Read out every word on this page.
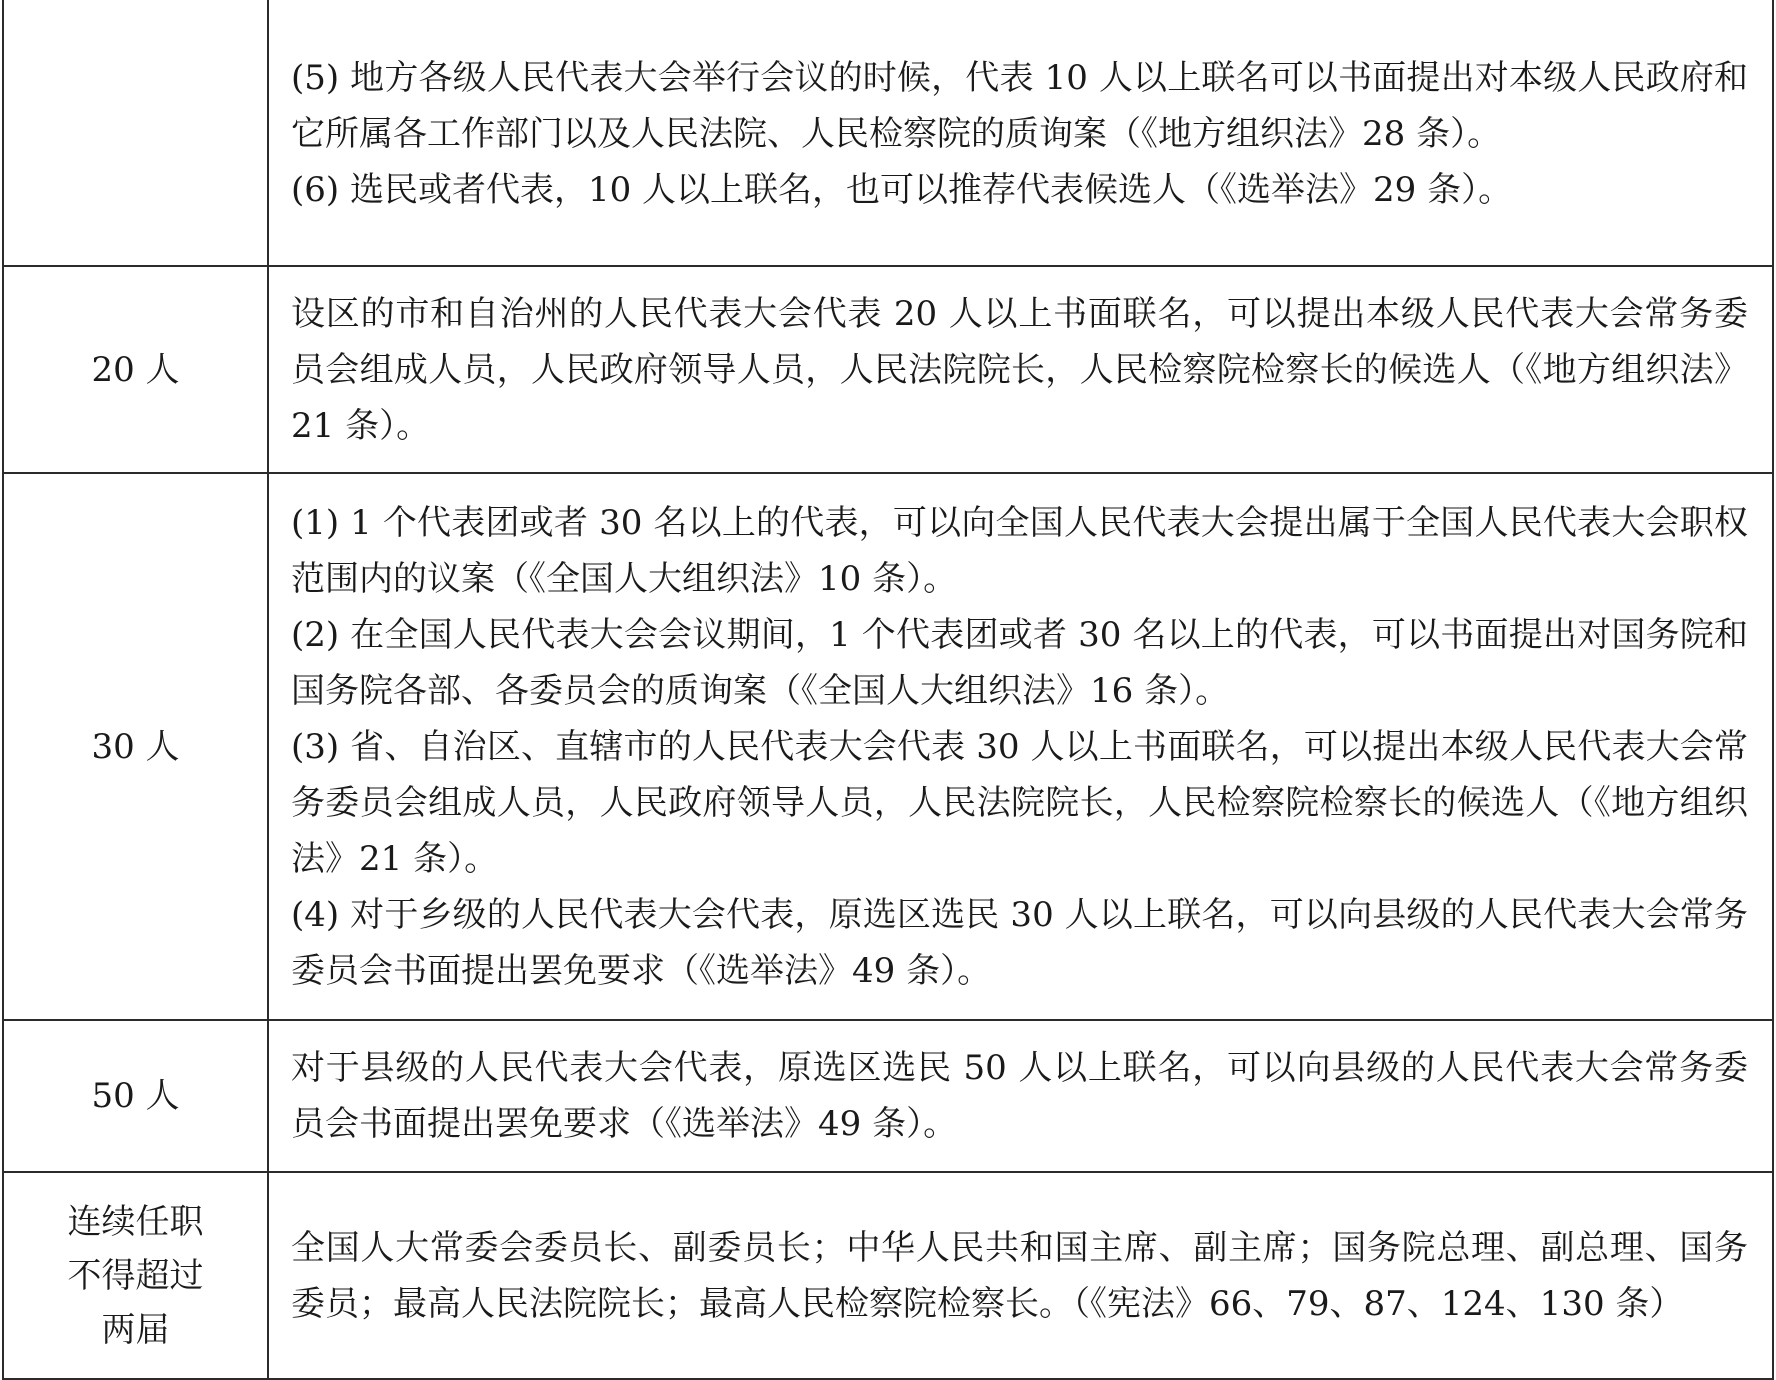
	(5) 地方各级人民代表大会举行会议的时候，代表 10 人以上联名可以书面提出对本级人民政府和它所属各工作部门以及人民法院、人民检察院的质询案（《地方组织法》28 条）。
(6) 选民或者代表，10 人以上联名，也可以推荐代表候选人（《选举法》29 条）。

20 人	设区的市和自治州的人民代表大会代表 20 人以上书面联名，可以提出本级人民代表大会常务委员会组成人员，人民政府领导人员，人民法院院长，人民检察院检察长的候选人（《地方组织法》21 条）。

30 人	(1) 1 个代表团或者 30 名以上的代表，可以向全国人民代表大会提出属于全国人民代表大会职权范围内的议案（《全国人大组织法》10 条）。
(2) 在全国人民代表大会会议期间，1 个代表团或者 30 名以上的代表，可以书面提出对国务院和国务院各部、各委员会的质询案（《全国人大组织法》16 条）。
(3) 省、自治区、直辖市的人民代表大会代表 30 人以上书面联名，可以提出本级人民代表大会常务委员会组成人员，人民政府领导人员，人民法院院长，人民检察院检察长的候选人（《地方组织法》21 条）。
(4) 对于乡级的人民代表大会代表，原选区选民 30 人以上联名，可以向县级的人民代表大会常务委员会书面提出罢免要求（《选举法》49 条）。

50 人	对于县级的人民代表大会代表，原选区选民 50 人以上联名，可以向县级的人民代表大会常务委员会书面提出罢免要求（《选举法》49 条）。

连续任职
不得超过
两届	全国人大常委会委员长、副委员长；中华人民共和国主席、副主席；国务院总理、副总理、国务委员；最高人民法院院长；最高人民检察院检察长。（《宪法》66、79、87、124、130 条）
